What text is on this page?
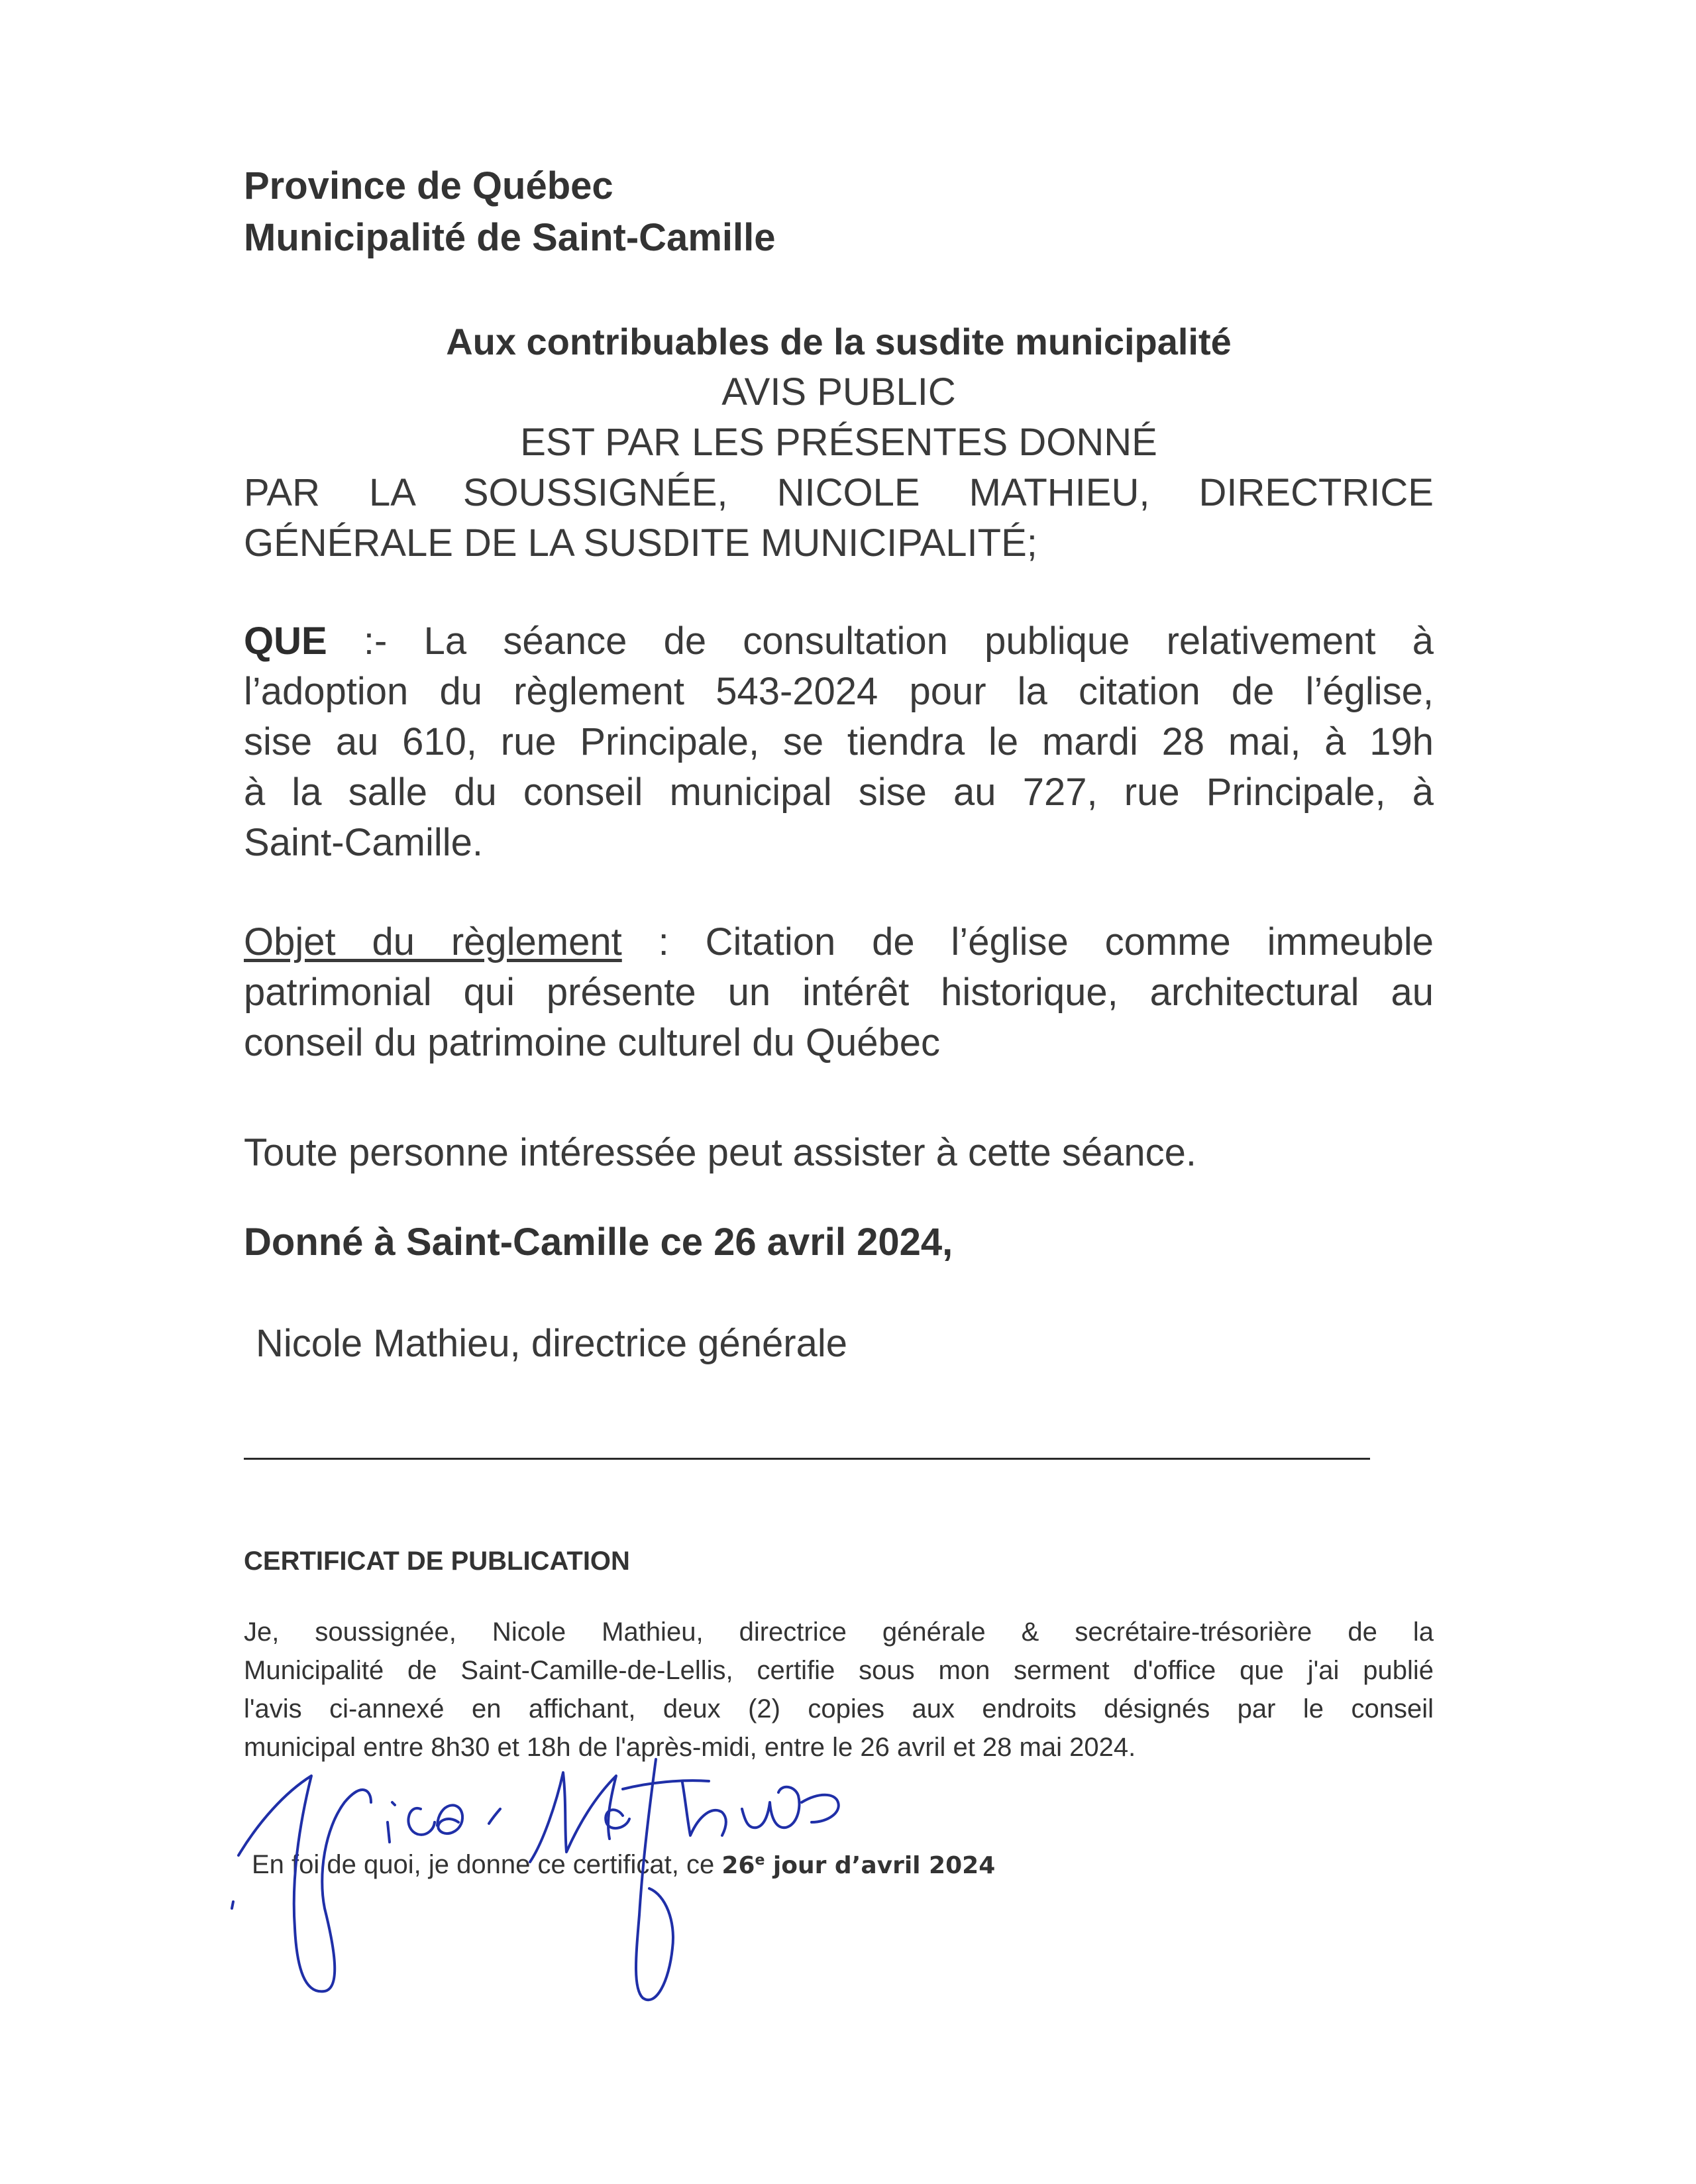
Province de Québec
Municipalité de Saint-Camille
Aux contribuables de la susdite municipalité
AVIS PUBLIC
EST PAR LES PRÉSENTES DONNÉ
PAR LA SOUSSIGNÉE, NICOLE MATHIEU, DIRECTRICE
GÉNÉRALE DE LA SUSDITE MUNICIPALITÉ;
QUE :- La séance de consultation publique relativement à
l’adoption du règlement 543-2024 pour la citation de l’église,
sise au 610, rue Principale, se tiendra le mardi 28 mai, à 19h
à la salle du conseil municipal sise au 727, rue Principale, à
Saint-Camille.
Objet du règlement : Citation de l’église comme immeuble
patrimonial qui présente un intérêt historique, architectural au
conseil du patrimoine culturel du Québec
Toute personne intéressée peut assister à cette séance.
Donné à Saint-Camille ce 26 avril 2024,
Nicole Mathieu, directrice générale
CERTIFICAT DE PUBLICATION
Je, soussignée, Nicole Mathieu, directrice générale & secrétaire-trésorière de la
Municipalité de Saint-Camille-de-Lellis, certifie sous mon serment d'office que j'ai publié
l'avis ci-annexé en affichant, deux (2) copies aux endroits désignés par le conseil
municipal entre 8h30 et 18h de l'après-midi, entre le 26 avril et 28 mai 2024.
En foi de quoi, je donne ce certificat, ce 26e jour d’avril 2024
